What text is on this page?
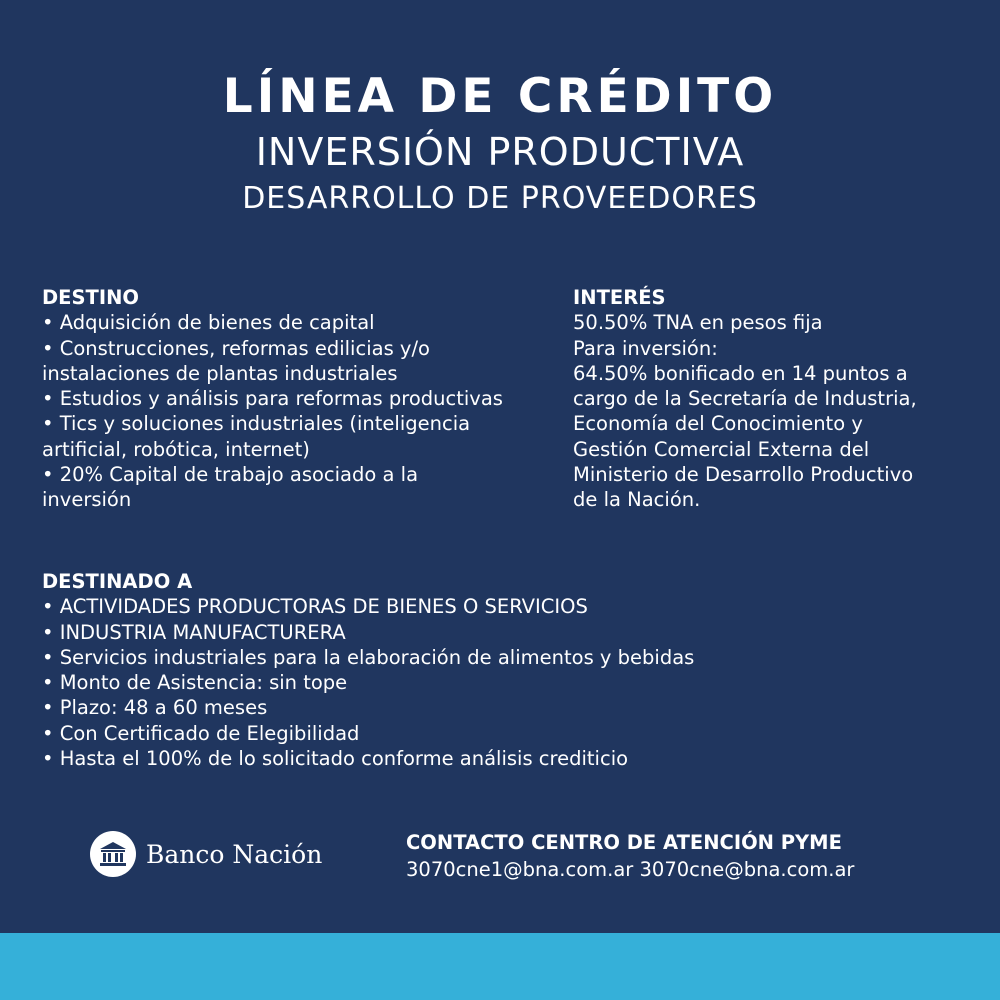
LÍNEA DE CRÉDITO
INVERSIÓN PRODUCTIVA
DESARROLLO DE PROVEEDORES

DESTINO

• Adquisición de bienes de capital

• Construcciones, reformas edilicias y/o

instalaciones de plantas industriales

• Estudios y análisis para reformas productivas

• Tics y soluciones industriales (inteligencia

artificial, robótica, internet)

• 20% Capital de trabajo asociado a la

inversión

INTERÉS

50.50% TNA en pesos fija

Para inversión:

64.50% bonificado en 14 puntos a

cargo de la Secretaría de Industria,

Economía del Conocimiento y

Gestión Comercial Externa del

Ministerio de Desarrollo Productivo

de la Nación.

DESTINADO A

• ACTIVIDADES PRODUCTORAS DE BIENES O SERVICIOS

• INDUSTRIA MANUFACTURERA

• Servicios industriales para la elaboración de alimentos y bebidas

• Monto de Asistencia: sin tope

• Plazo: 48 a 60 meses

• Con Certificado de Elegibilidad

• Hasta el 100% de lo solicitado conforme análisis crediticio

Banco Nación	CONTACTO CENTRO DE ATENCIÓN PYME
3070cne1@bna.com.ar 3070cne@bna.com.ar
